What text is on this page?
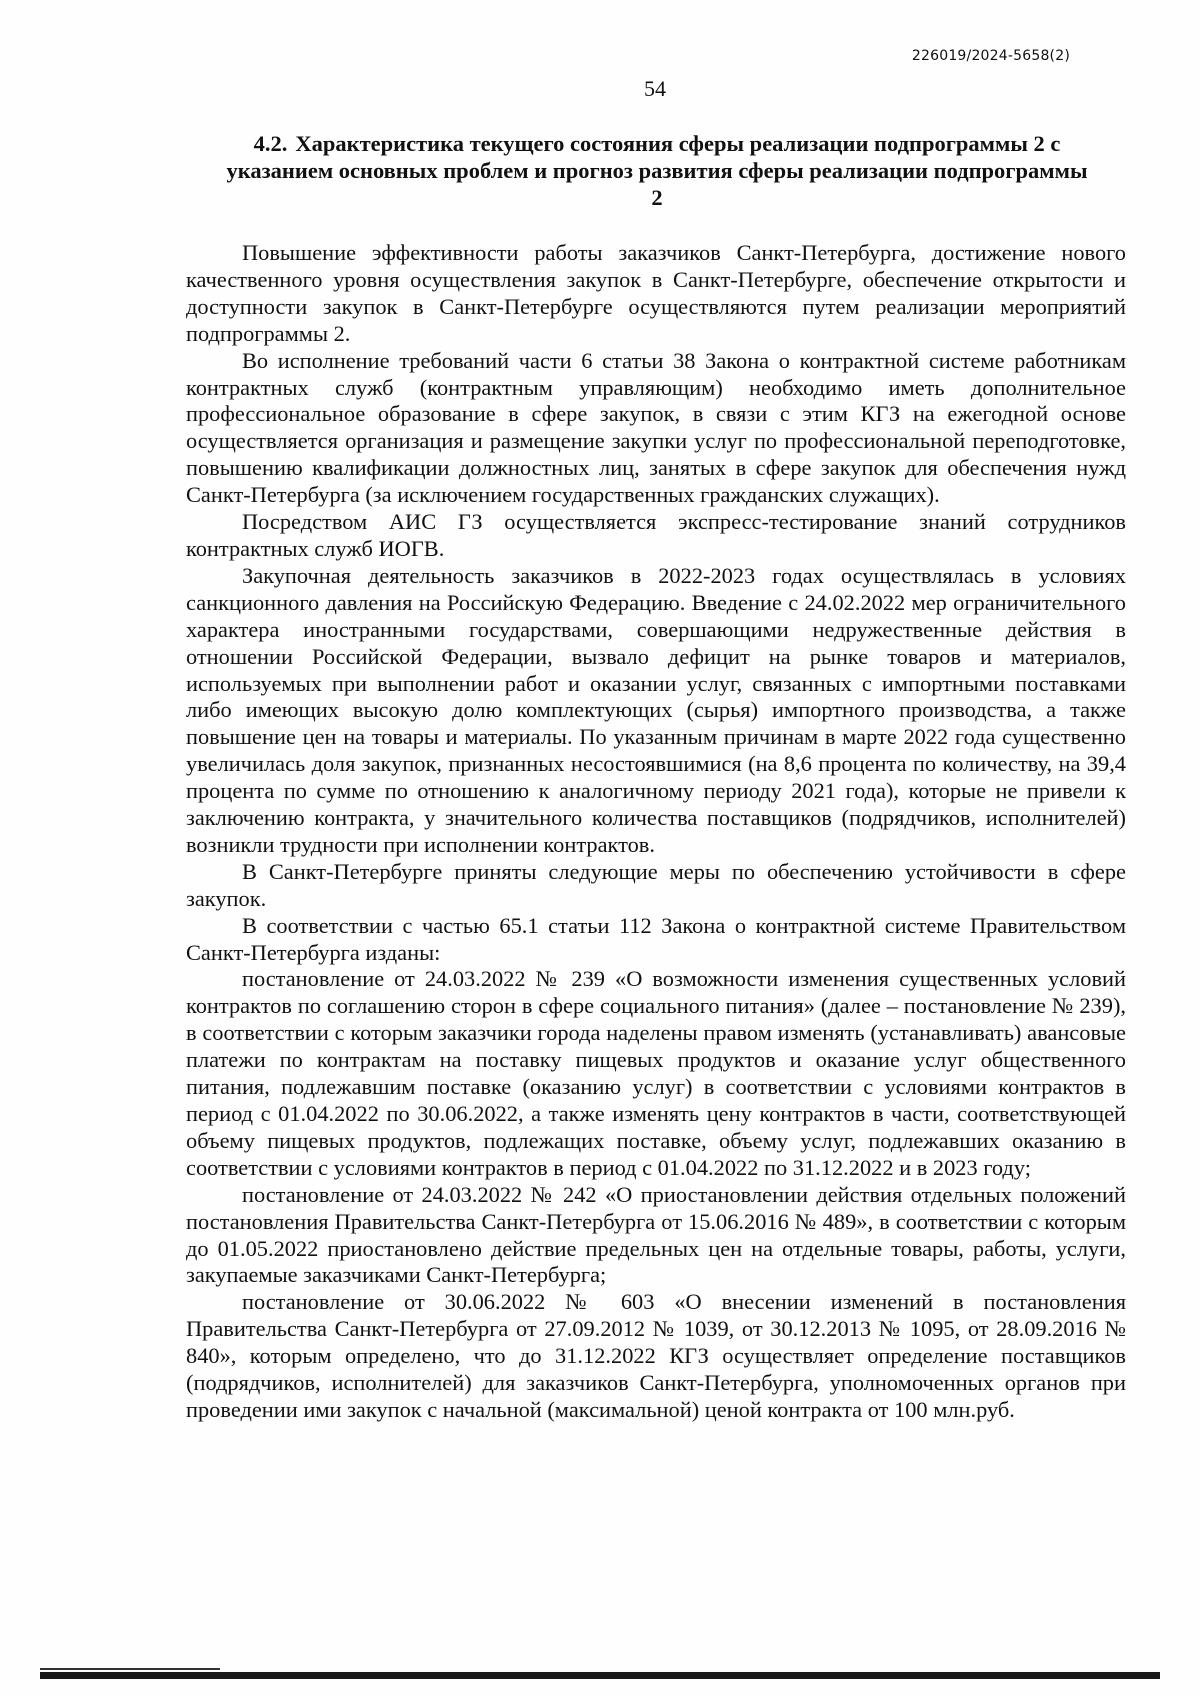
226019/2024-5658(2)
54
4.2. Характеристика текущего состояния сферы реализации подпрограммы 2 с указанием основных проблем и прогноз развития сферы реализации подпрограммы 2

Повышение эффективности работы заказчиков Санкт-Петербурга, достижение нового качественного уровня осуществления закупок в Санкт-Петербурге, обеспечение открытости и доступности закупок в Санкт-Петербурге осуществляются путем реализации мероприятий подпрограммы 2.

Во исполнение требований части 6 статьи 38 Закона о контрактной системе работникам контрактных служб (контрактным управляющим) необходимо иметь дополнительное профессиональное образование в сфере закупок, в связи с этим КГЗ на ежегодной основе осуществляется организация и размещение закупки услуг по профессиональной переподготовке, повышению квалификации должностных лиц, занятых в сфере закупок для обеспечения нужд Санкт-Петербурга (за исключением государственных гражданских служащих).

Посредством АИС ГЗ осуществляется экспресс-тестирование знаний сотрудников контрактных служб ИОГВ.

Закупочная деятельность заказчиков в 2022-2023 годах осуществлялась в условиях санкционного давления на Российскую Федерацию. Введение с 24.02.2022 мер ограничительного характера иностранными государствами, совершающими недружественные действия в отношении Российской Федерации, вызвало дефицит на рынке товаров и материалов, используемых при выполнении работ и оказании услуг, связанных с импортными поставками либо имеющих высокую долю комплектующих (сырья) импортного производства, а также повышение цен на товары и материалы. По указанным причинам в марте 2022 года существенно увеличилась доля закупок, признанных несостоявшимися (на 8,6 процента по количеству, на 39,4 процента по сумме по отношению к аналогичному периоду 2021 года), которые не привели к заключению контракта, у значительного количества поставщиков (подрядчиков, исполнителей) возникли трудности при исполнении контрактов.

В Санкт-Петербурге приняты следующие меры по обеспечению устойчивости в сфере закупок.

В соответствии с частью 65.1 статьи 112 Закона о контрактной системе Правительством Санкт-Петербурга изданы:

постановление от 24.03.2022 № 239 «О возможности изменения существенных условий контрактов по соглашению сторон в сфере социального питания» (далее – постановление № 239), в соответствии с которым заказчики города наделены правом изменять (устанавливать) авансовые платежи по контрактам на поставку пищевых продуктов и оказание услуг общественного питания, подлежавшим поставке (оказанию услуг) в соответствии с условиями контрактов в период с 01.04.2022 по 30.06.2022, а также изменять цену контрактов в части, соответствующей объему пищевых продуктов, подлежащих поставке, объему услуг, подлежавших оказанию в соответствии с условиями контрактов в период с 01.04.2022 по 31.12.2022 и в 2023 году;

постановление от 24.03.2022 № 242 «О приостановлении действия отдельных положений постановления Правительства Санкт-Петербурга от 15.06.2016 № 489», в соответствии с которым до 01.05.2022 приостановлено действие предельных цен на отдельные товары, работы, услуги, закупаемые заказчиками Санкт-Петербурга;

постановление от 30.06.2022 № 603 «О внесении изменений в постановления Правительства Санкт-Петербурга от 27.09.2012 № 1039, от 30.12.2013 № 1095, от 28.09.2016 № 840», которым определено, что до 31.12.2022 КГЗ осуществляет определение поставщиков (подрядчиков, исполнителей) для заказчиков Санкт-Петербурга, уполномоченных органов при проведении ими закупок с начальной (максимальной) ценой контракта от 100 млн.руб.
